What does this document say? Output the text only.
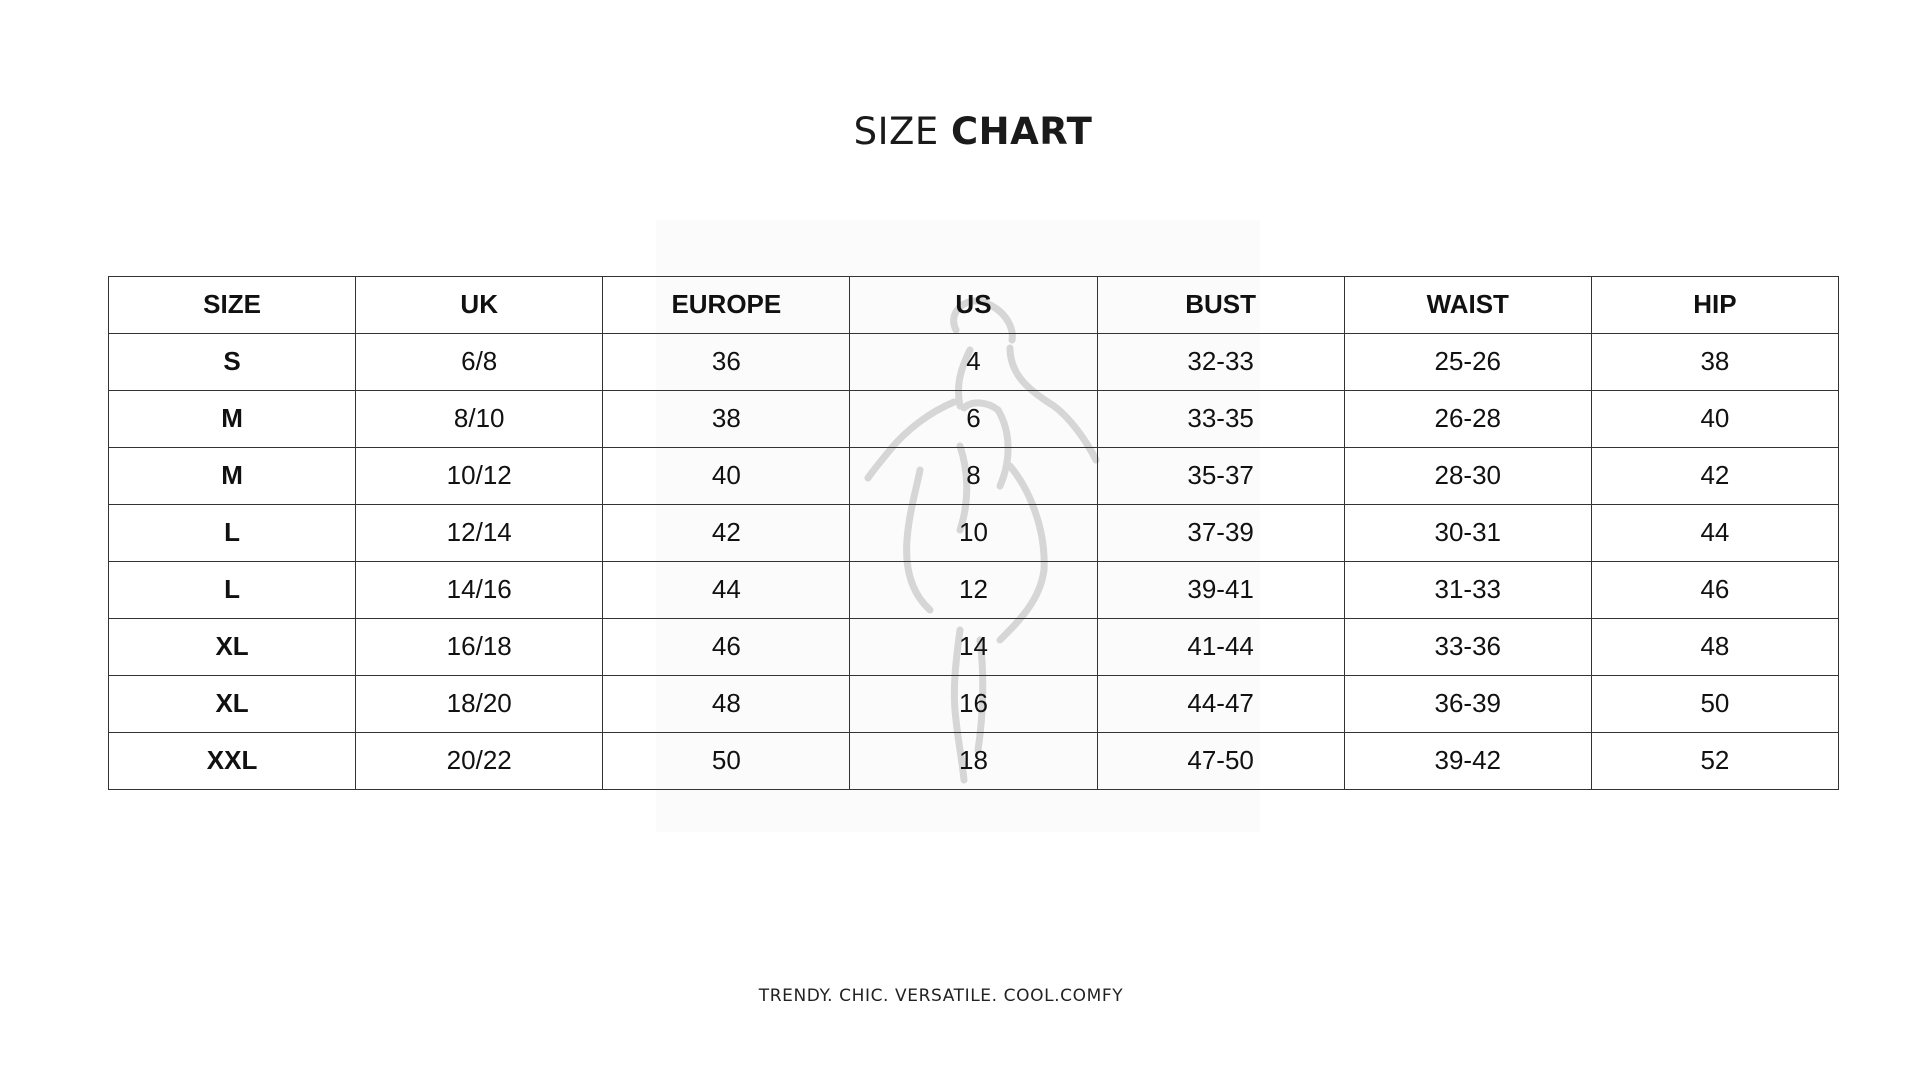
SIZE CHART
SIZE	UK	EUROPE	US	BUST	WAIST	HIP
S	6/8	36	4	32-33	25-26	38
M	8/10	38	6	33-35	26-28	40
M	10/12	40	8	35-37	28-30	42
L	12/14	42	10	37-39	30-31	44
L	14/16	44	12	39-41	31-33	46
XL	16/18	46	14	41-44	33-36	48
XL	18/20	48	16	44-47	36-39	50
XXL	20/22	50	18	47-50	39-42	52
TRENDY. CHIC. VERSATILE. COOL.COMFY
